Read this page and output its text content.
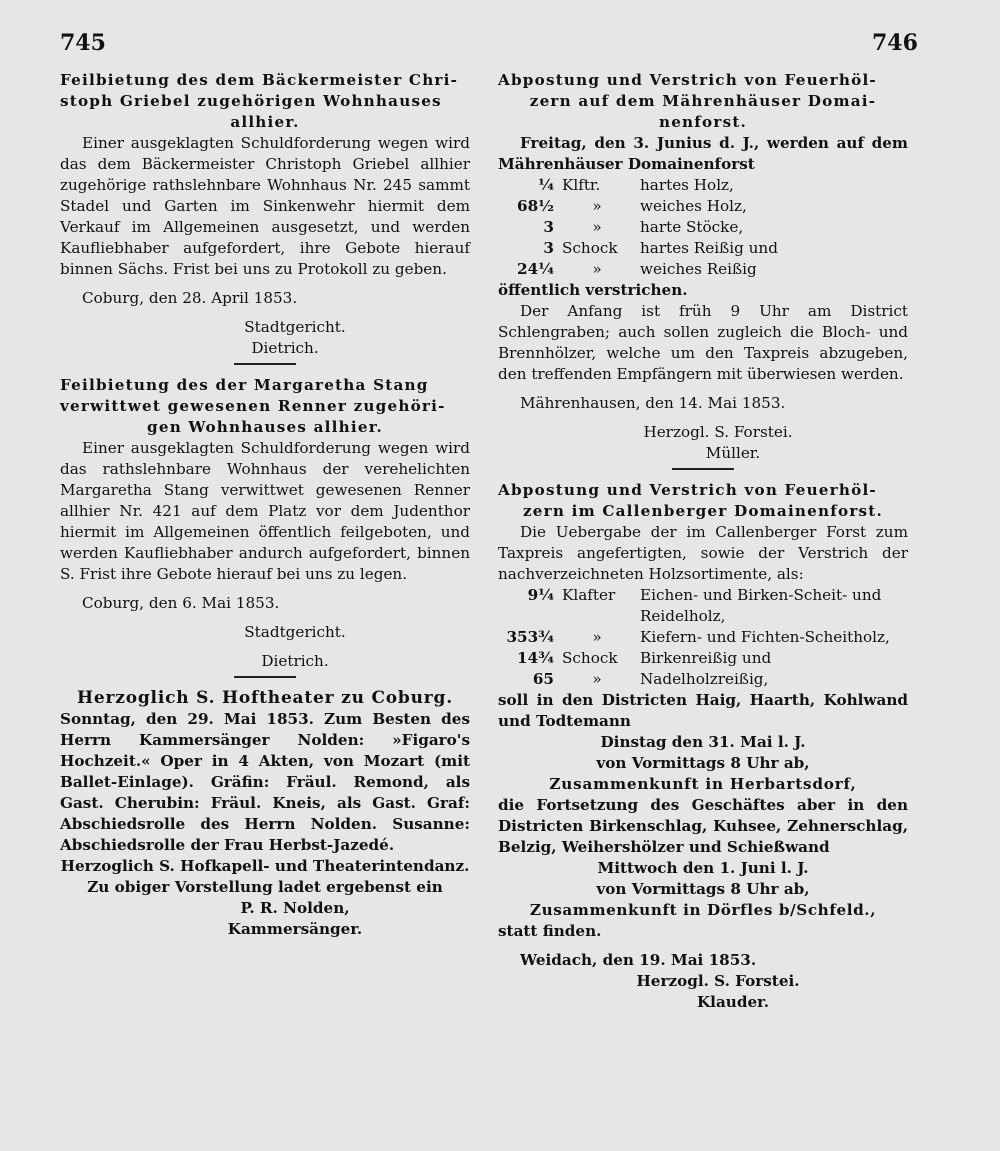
745	746
Feilbietung des dem Bäckermeister Chri-
stoph Griebel zugehörigen Wohnhauses
allhier.
Einer ausgeklagten Schuldforderung wegen wird das dem Bäckermeister Christoph Griebel allhier zugehörige rathslehnbare Wohnhaus Nr. 245 sammt Stadel und Garten im Sinkenwehr hiermit dem Verkauf im Allgemeinen ausgesetzt, und werden Kaufliebhaber aufgefordert, ihre Gebote hierauf binnen Sächs. Frist bei uns zu Protokoll zu geben.
Coburg, den 28. April 1853.
Stadtgericht.
Dietrich.
Feilbietung des der Margaretha Stang
verwittwet gewesenen Renner zugehöri-
gen Wohnhauses allhier.
Einer ausgeklagten Schuldforderung wegen wird das rathslehnbare Wohnhaus der verehelichten Margaretha Stang verwittwet gewesenen Renner allhier Nr. 421 auf dem Platz vor dem Judenthor hiermit im Allgemeinen öffentlich feilgeboten, und werden Kaufliebhaber andurch aufgefordert, binnen S. Frist ihre Gebote hierauf bei uns zu legen.
Coburg, den 6. Mai 1853.
Stadtgericht.
Dietrich.
Herzoglich S. Hoftheater zu Coburg.
Sonntag, den 29. Mai 1853. Zum Besten des Herrn Kammersänger Nolden: »Figaro's Hochzeit.« Oper in 4 Akten, von Mozart (mit Ballet-Einlage). Gräfin: Fräul. Remond, als Gast. Cherubin: Fräul. Kneis, als Gast. Graf: Abschiedsrolle des Herrn Nolden. Susanne: Abschiedsrolle der Frau Herbst-Jazedé.
Herzoglich S. Hofkapell- und Theaterintendanz.
Zu obiger Vorstellung ladet ergebenst ein
P. R. Nolden,
Kammersänger.
Abpostung und Verstrich von Feuerhöl-
zern auf dem Mährenhäuser Domai-
nenforst.
Freitag, den 3. Junius d. J., werden auf dem Mährenhäuser Domainenforst
¼	Klftr.	hartes Holz,
68½	»	weiches Holz,
3	»	harte Stöcke,
3	Schock	hartes Reißig und
24¼	»	weiches Reißig
öffentlich verstrichen.
Der Anfang ist früh 9 Uhr am District Schlengraben; auch sollen zugleich die Bloch- und Brennhölzer, welche um den Taxpreis abzugeben, den treffenden Empfängern mit überwiesen werden.
Mährenhausen, den 14. Mai 1853.
Herzogl. S. Forstei.
Müller.
Abpostung und Verstrich von Feuerhöl-
zern im Callenberger Domainenforst.
Die Uebergabe der im Callenberger Forst zum Taxpreis angefertigten, sowie der Verstrich der nachverzeichneten Holzsortimente, als:
9¼	Klafter	Eichen- und Birken-Scheit- und Reidelholz,
353¾	»	Kiefern- und Fichten-Scheitholz,
14¾	Schock	Birkenreißig und
65	»	Nadelholzreißig,
soll in den Districten Haig, Haarth, Kohlwand und Todtemann
Dinstag den 31. Mai l. J.
von Vormittags 8 Uhr ab,
Zusammenkunft in Herbartsdorf,
die Fortsetzung des Geschäftes aber in den Districten Birkenschlag, Kuhsee, Zehnerschlag, Belzig, Weihershölzer und Schießwand
Mittwoch den 1. Juni l. J.
von Vormittags 8 Uhr ab,
Zusammenkunft in Dörfles b/Schfeld.,
statt finden.
Weidach, den 19. Mai 1853.
Herzogl. S. Forstei.
Klauder.
